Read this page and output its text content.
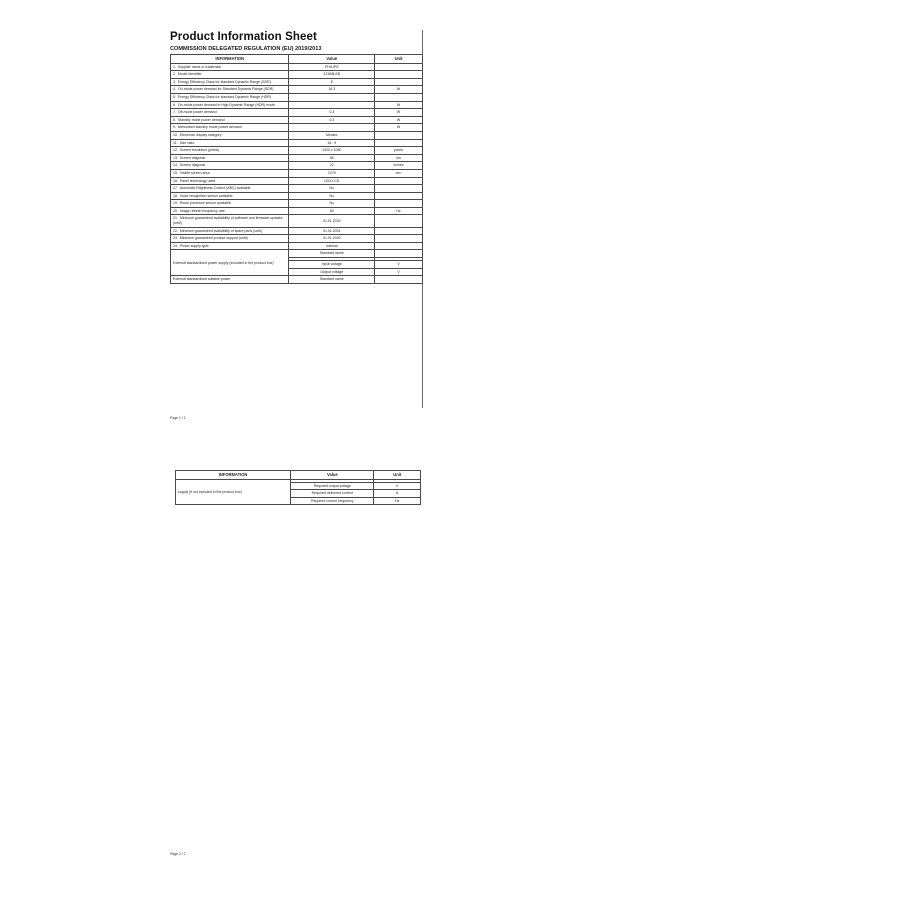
Product Information Sheet
COMMISSION DELEGATED REGULATION (EU) 2019/2013
INFORMATION	Value	Unit
1. Supplier name or trademark	PHILIPS	
2. Model identifier	221B8LEB	
3. Energy Efficiency Class for standard Dynamic Range (SDR)	E	
4. On-mode power demand for Standard Dynamic Range (SDR)	16.3	W
5. Energy Efficiency Class for standard Dynamic Range (HDR)		
6. On-mode power demand in High Dynamic Range (HDR) mode		W
7. Off-mode power demand	0.3	W
8. Standby mode power demand	0.3	W
9. Networked standby mode power demand		W
10. Electronic display category	Monitor	
11. Size ratio	16 : 9	
12. Screen resolution (pixels)	1920 x 1080	pixels
13. Screen diagonal	55	cm
14. Screen diagonal	22	inches
15. Visible screen area	1279	cm²
16. Panel technology used	LED-LCD	
17. Automatic Brightness Control (ABC) available	No	
18. Voice recognition sensor available	No	
19. Room presence sensor available	No	
20. Image refresh frequency rate	60	Hz
21. Minimum guaranteed availability of software and firmware updates (until)	01.01.2030	
22. Minimum guaranteed availability of spare parts (until)	01.01.2031	
23. Minimum guaranteed product support (until)	01.01.2030	
24. Power supply type:	Internal	
External standardised power supply (included in the product box)	Standard name	

	Input voltage	V
	Output voltage	V
External standardised suitable power	Standard name	
Page 1 / 2
INFORMATION	Value	Unit
supply (if not included in the product box)		
	Required output voltage	V
	Required delivered current	A
	Required current frequency	Hz
Page 2 / 2
